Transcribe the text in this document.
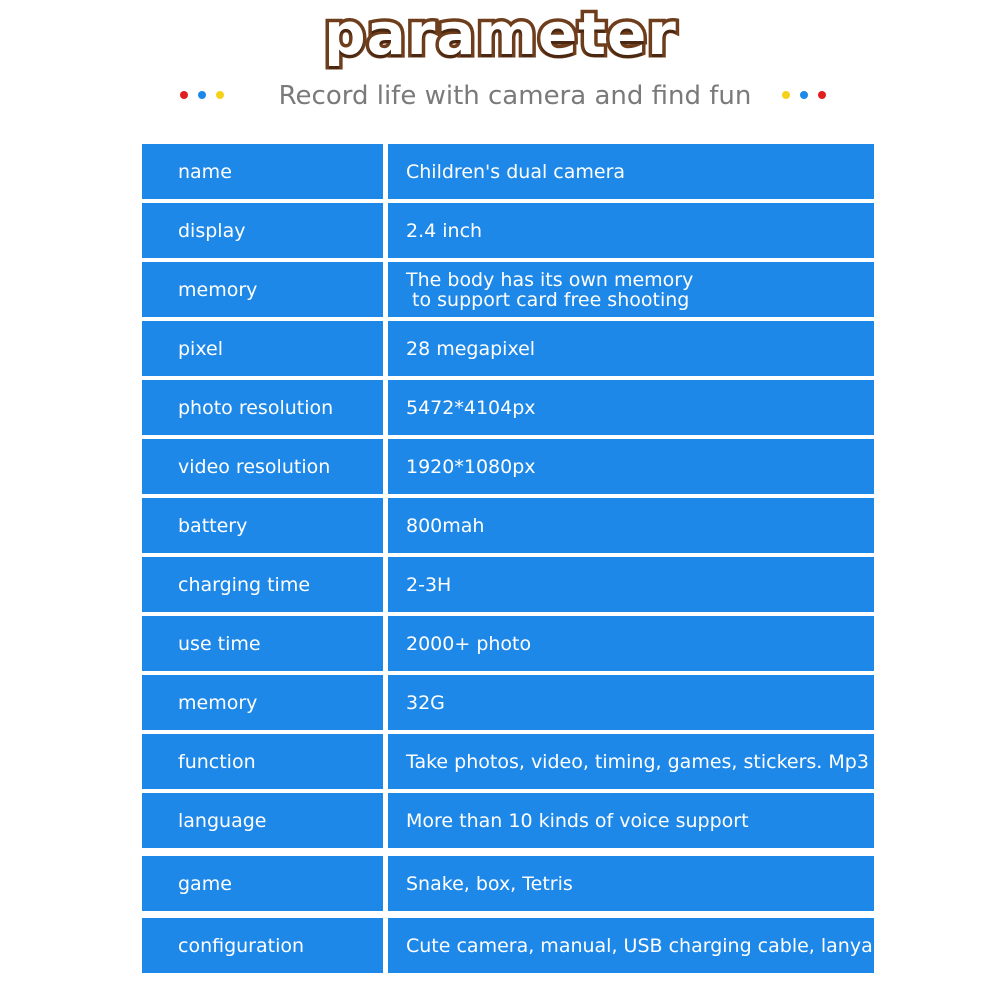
parameter
Record life with camera and find fun
name	Children's dual camera
display	2.4 inch
memory	The body has its own memory
to support card free shooting
pixel	28 megapixel
photo resolution	5472*4104px
video resolution	1920*1080px
battery	800mah
charging time	2-3H
use time	2000+ photo
memory	32G
function	Take photos, video, timing, games, stickers. Mp3
language	More than 10 kinds of voice support
game	Snake, box, Tetris
configuration	Cute camera, manual, USB charging cable, lanyard
